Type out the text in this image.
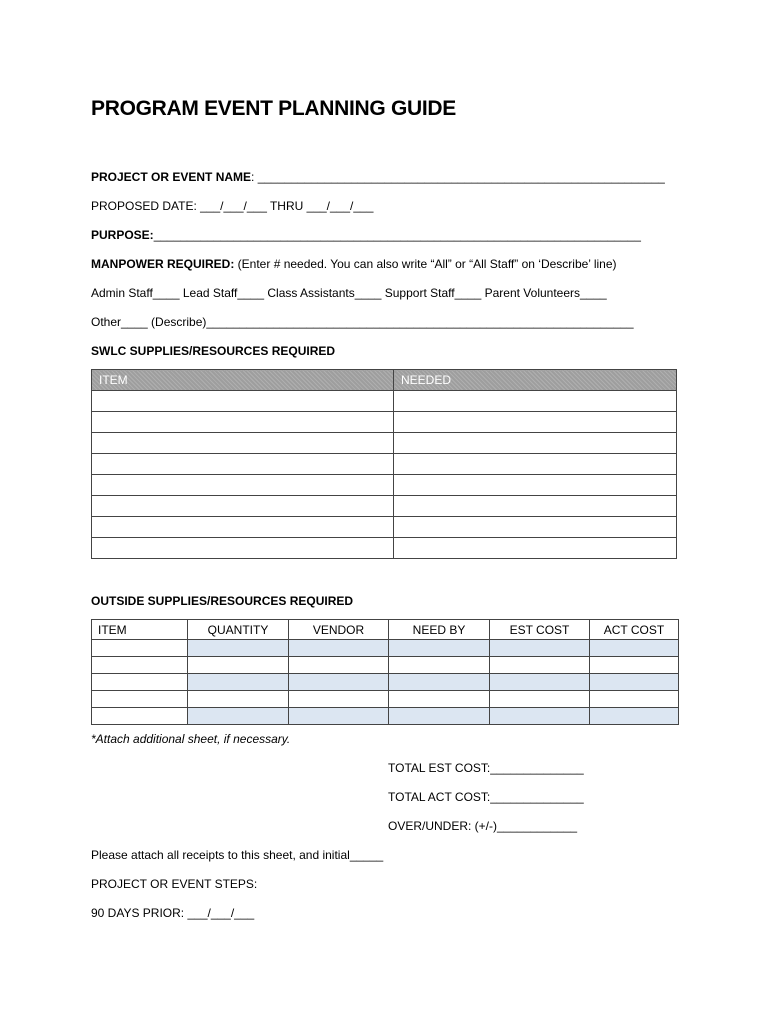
PROGRAM EVENT PLANNING GUIDE
PROJECT OR EVENT NAME: _____________________________________________________________
PROPOSED DATE: ___/___/___ THRU ___/___/___
PURPOSE:_________________________________________________________________________
MANPOWER REQUIRED: (Enter # needed. You can also write “All” or “All Staff” on ‘Describe’ line)
Admin Staff____ Lead Staff____ Class Assistants____ Support Staff____ Parent Volunteers____
Other____ (Describe)________________________________________________________________
SWLC SUPPLIES/RESOURCES REQUIRED
ITEM	NEEDED

OUTSIDE SUPPLIES/RESOURCES REQUIRED
ITEM	QUANTITY	VENDOR	NEED BY	EST COST	ACT COST

*Attach additional sheet, if necessary.
TOTAL EST COST:______________
TOTAL ACT COST:______________
OVER/UNDER: (+/-)____________
Please attach all receipts to this sheet, and initial_____
PROJECT OR EVENT STEPS:
90 DAYS PRIOR: ___/___/___
